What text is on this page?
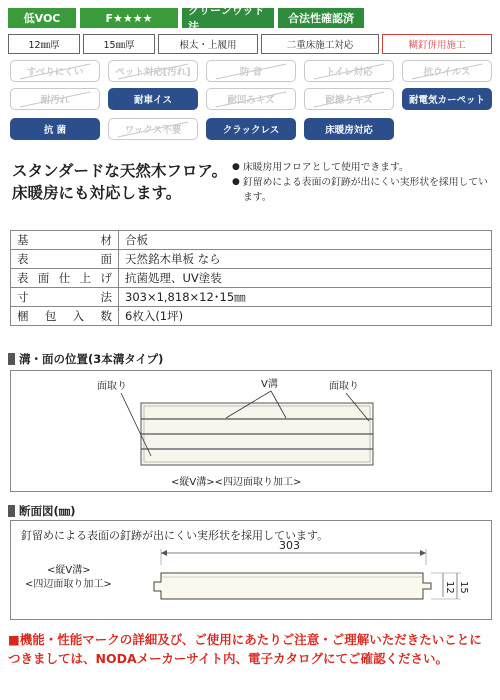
低VOC	F★★★★
クリーンウッド法
合法性確認済
12㎜厚	15㎜厚	根太・上履用	二重床施工対応	糊釘併用施工
すべりにくい	ペット対応[汚れ]	防 音	トイレ対応	抗ウイルス
耐汚れ	耐車イス	耐凹みキズ	耐擦りキズ	耐電気カーペット
抗 菌	ワックス不要	クラックレス	床暖房対応
スタンダードな天然木フロア。
床暖房にも対応します。
● 床暖房用フロアとして使用できます。
● 釘留めによる表面の釘跡が出にくい実形状を採用しています。
基材	合板
表面	天然銘木単板 なら
表面仕上げ	抗菌処理、UV塗装
寸法	303×1,818×12･15㎜
梱包入数	6枚入(1坪)
溝・面の位置(3本溝タイプ)
面取り	V溝	面取り
<縦V溝><四辺面取り加工>
断面図(㎜)
釘留めによる表面の釘跡が出にくい実形状を採用しています。
303
12 15
<縦V溝>
<四辺面取り加工>
■機能・性能マークの詳細及び、ご使用にあたりご注意・ご理解いただきたいことにつきましては、NODAメーカーサイト内、電子カタログにてご確認ください。
